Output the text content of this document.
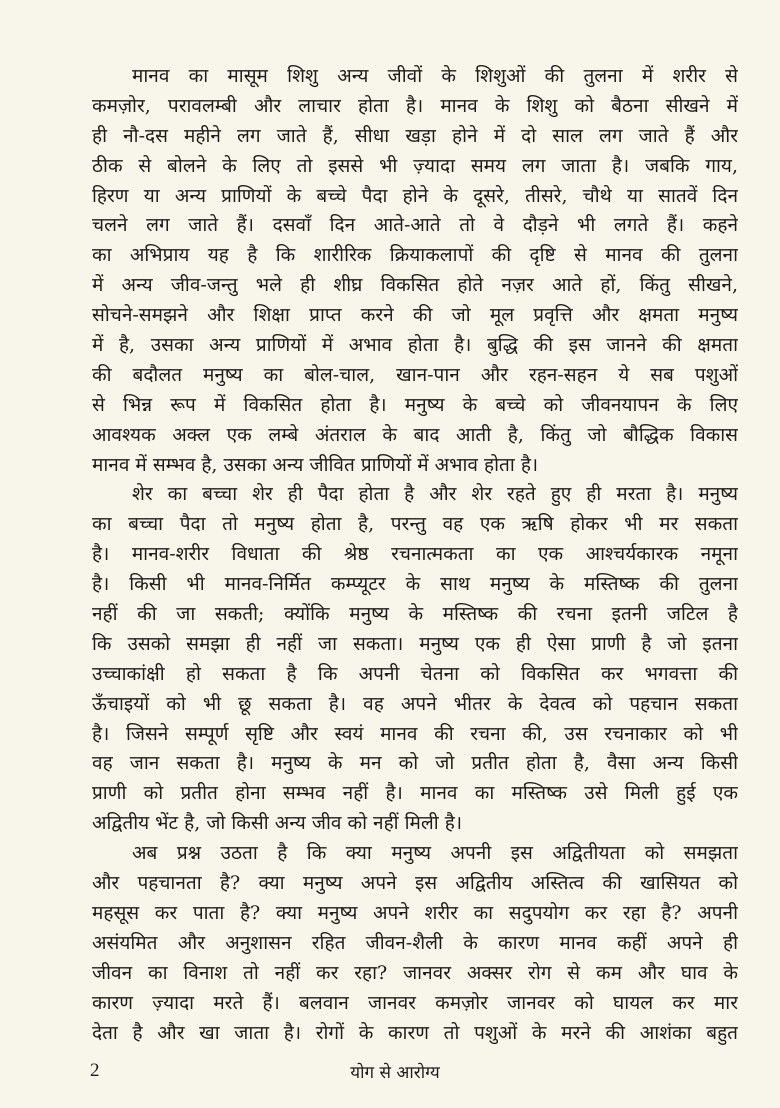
मानव का मासूम शिशु अन्य जीवों के शिशुओं की तुलना में शरीर से
कमज़ोर, परावलम्बी और लाचार होता है। मानव के शिशु को बैठना सीखने में
ही नौ-दस महीने लग जाते हैं, सीधा खड़ा होने में दो साल लग जाते हैं और
ठीक से बोलने के लिए तो इससे भी ज़्यादा समय लग जाता है। जबकि गाय,
हिरण या अन्य प्राणियों के बच्चे पैदा होने के दूसरे, तीसरे, चौथे या सातवें दिन
चलने लग जाते हैं। दसवाँ दिन आते-आते तो वे दौड़ने भी लगते हैं। कहने
का अभिप्राय यह है कि शारीरिक क्रियाकलापों की दृष्टि से मानव की तुलना
में अन्य जीव-जन्तु भले ही शीघ्र विकसित होते नज़र आते हों, किंतु सीखने,
सोचने-समझने और शिक्षा प्राप्त करने की जो मूल प्रवृत्ति और क्षमता मनुष्य
में है, उसका अन्य प्राणियों में अभाव होता है। बुद्धि की इस जानने की क्षमता
की बदौलत मनुष्य का बोल-चाल, खान-पान और रहन-सहन ये सब पशुओं
से भिन्न रूप में विकसित होता है। मनुष्य के बच्चे को जीवनयापन के लिए
आवश्यक अक्ल एक लम्बे अंतराल के बाद आती है, किंतु जो बौद्धिक विकास
मानव में सम्भव है, उसका अन्य जीवित प्राणियों में अभाव होता है।
शेर का बच्चा शेर ही पैदा होता है और शेर रहते हुए ही मरता है। मनुष्य
का बच्चा पैदा तो मनुष्य होता है, परन्तु वह एक ऋषि होकर भी मर सकता
है। मानव-शरीर विधाता की श्रेष्ठ रचनात्मकता का एक आश्चर्यकारक नमूना
है। किसी भी मानव-निर्मित कम्प्यूटर के साथ मनुष्य के मस्तिष्क की तुलना
नहीं की जा सकती; क्योंकि मनुष्य के मस्तिष्क की रचना इतनी जटिल है
कि उसको समझा ही नहीं जा सकता। मनुष्य एक ही ऐसा प्राणी है जो इतना
उच्चाकांक्षी हो सकता है कि अपनी चेतना को विकसित कर भगवत्ता की
ऊँचाइयों को भी छू सकता है। वह अपने भीतर के देवत्व को पहचान सकता
है। जिसने सम्पूर्ण सृष्टि और स्वयं मानव की रचना की, उस रचनाकार को भी
वह जान सकता है। मनुष्य के मन को जो प्रतीत होता है, वैसा अन्य किसी
प्राणी को प्रतीत होना सम्भव नहीं है। मानव का मस्तिष्क उसे मिली हुई एक
अद्वितीय भेंट है, जो किसी अन्य जीव को नहीं मिली है।
अब प्रश्न उठता है कि क्या मनुष्य अपनी इस अद्वितीयता को समझता
और पहचानता है? क्या मनुष्य अपने इस अद्वितीय अस्तित्व की खासियत को
महसूस कर पाता है? क्या मनुष्य अपने शरीर का सदुपयोग कर रहा है? अपनी
असंयमित और अनुशासन रहित जीवन-शैली के कारण मानव कहीं अपने ही
जीवन का विनाश तो नहीं कर रहा? जानवर अक्सर रोग से कम और घाव के
कारण ज़्यादा मरते हैं। बलवान जानवर कमज़ोर जानवर को घायल कर मार
देता है और खा जाता है। रोगों के कारण तो पशुओं के मरने की आशंका बहुत
2	योग से आरोग्य
